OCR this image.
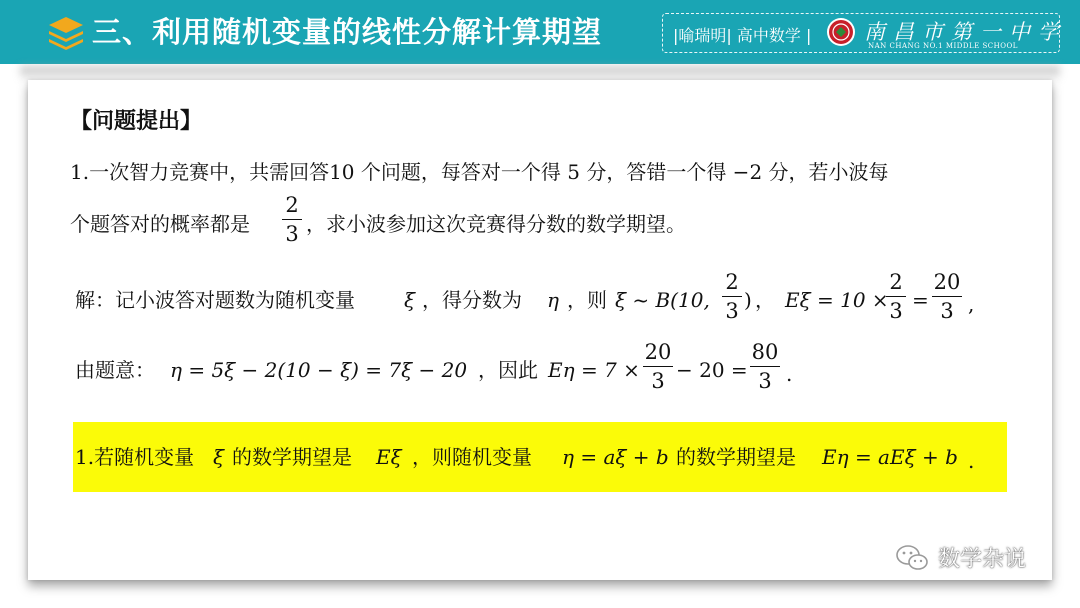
三、利用随机变量的线性分解计算期望	|喻瑞明| 高中数学 |	南昌市第一中学
NAN CHANG NO.1 MIDDLE SCHOOL
【问题提出】
1.一次智力竞赛中，共需回答10 个问题，每答对一个得 5 分，答错一个得 −2 分，若小波每
个题答对的概率都是
2
3 ，求小波参加这次竞赛得分数的数学期望。
解：记小波答对题数为随机变量 ξ ，得分数为 η ，则 ξ ~ B(10,
2
3 ) ， Eξ = 10 ×
2
3 =
20
3 ,
由题意： η = 5ξ − 2(10 − ξ) = 7ξ − 20 ，因此 Eη = 7 ×
20
3 − 20 =
80
3 .
1.若随机变量 ξ 的数学期望是 Eξ ，则随机变量 η = aξ + b 的数学期望是 Eη = aEξ + b .
数学杂说
